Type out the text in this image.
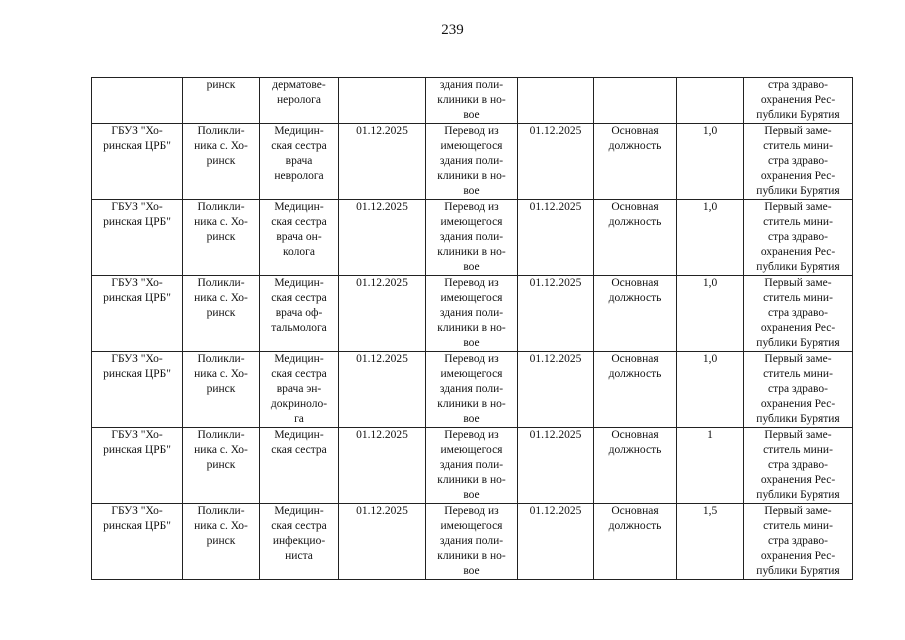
239
	ринск	дерматове-
неролога		здания поли-
клиники в но-
вое				стра здраво-
охранения Рес-
публики Бурятия
ГБУЗ "Хо-
ринская ЦРБ"	Поликли-
ника с. Хо-
ринск	Медицин-
ская сестра
врача
невролога	01.12.2025	Перевод из
имеющегося
здания поли-
клиники в но-
вое	01.12.2025	Основная
должность	1,0	Первый заме-
ститель мини-
стра здраво-
охранения Рес-
публики Бурятия
ГБУЗ "Хо-
ринская ЦРБ"	Поликли-
ника с. Хо-
ринск	Медицин-
ская сестра
врача он-
колога	01.12.2025	Перевод из
имеющегося
здания поли-
клиники в но-
вое	01.12.2025	Основная
должность	1,0	Первый заме-
ститель мини-
стра здраво-
охранения Рес-
публики Бурятия
ГБУЗ "Хо-
ринская ЦРБ"	Поликли-
ника с. Хо-
ринск	Медицин-
ская сестра
врача оф-
тальмолога	01.12.2025	Перевод из
имеющегося
здания поли-
клиники в но-
вое	01.12.2025	Основная
должность	1,0	Первый заме-
ститель мини-
стра здраво-
охранения Рес-
публики Бурятия
ГБУЗ "Хо-
ринская ЦРБ"	Поликли-
ника с. Хо-
ринск	Медицин-
ская сестра
врача эн-
докриноло-
га	01.12.2025	Перевод из
имеющегося
здания поли-
клиники в но-
вое	01.12.2025	Основная
должность	1,0	Первый заме-
ститель мини-
стра здраво-
охранения Рес-
публики Бурятия
ГБУЗ "Хо-
ринская ЦРБ"	Поликли-
ника с. Хо-
ринск	Медицин-
ская сестра	01.12.2025	Перевод из
имеющегося
здания поли-
клиники в но-
вое	01.12.2025	Основная
должность	1	Первый заме-
ститель мини-
стра здраво-
охранения Рес-
публики Бурятия
ГБУЗ "Хо-
ринская ЦРБ"	Поликли-
ника с. Хо-
ринск	Медицин-
ская сестра
инфекцио-
ниста	01.12.2025	Перевод из
имеющегося
здания поли-
клиники в но-
вое	01.12.2025	Основная
должность	1,5	Первый заме-
ститель мини-
стра здраво-
охранения Рес-
публики Бурятия
